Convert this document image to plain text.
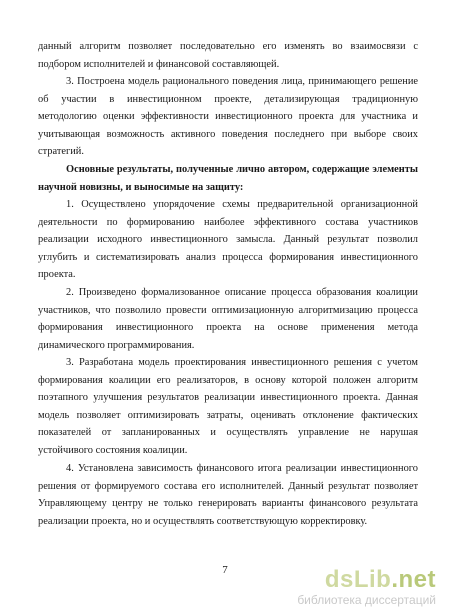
данный алгоритм позволяет последовательно его изменять во взаимосвязи с подбором исполнителей и финансовой составляющей.

3. Построена модель рационального поведения лица, принимающего решение об участии в инвестиционном проекте, детализирующая традиционную методологию оценки эффективности инвестиционного проекта для участника и учитывающая возможность активного поведения последнего при выборе своих стратегий.

Основные результаты, полученные лично автором, содержащие элементы научной новизны, и выносимые на защиту:

1. Осуществлено упорядочение схемы предварительной организационной деятельности по формированию наиболее эффективного состава участников реализации исходного инвестиционного замысла. Данный результат позволил углубить и систематизировать анализ процесса формирования инвестиционного проекта.

2. Произведено формализованное описание процесса образования коалиции участников, что позволило провести оптимизационную алгоритмизацию процесса формирования инвестиционного проекта на основе применения метода динамического программирования.

3. Разработана модель проектирования инвестиционного решения с учетом формирования коалиции его реализаторов, в основу которой положен алгоритм поэтапного улучшения результатов реализации инвестиционного проекта. Данная модель позволяет оптимизировать затраты, оценивать отклонение фактических показателей от запланированных и осуществлять управление не нарушая устойчивого состояния коалиции.

4. Установлена зависимость финансового итога реализации инвестиционного решения от формируемого состава его исполнителей. Данный результат позволяет Управляющему центру не только генерировать варианты финансового результата реализации проекта, но и осуществлять соответствующую корректировку.

7	dsLib.net
библиотека диссертаций
